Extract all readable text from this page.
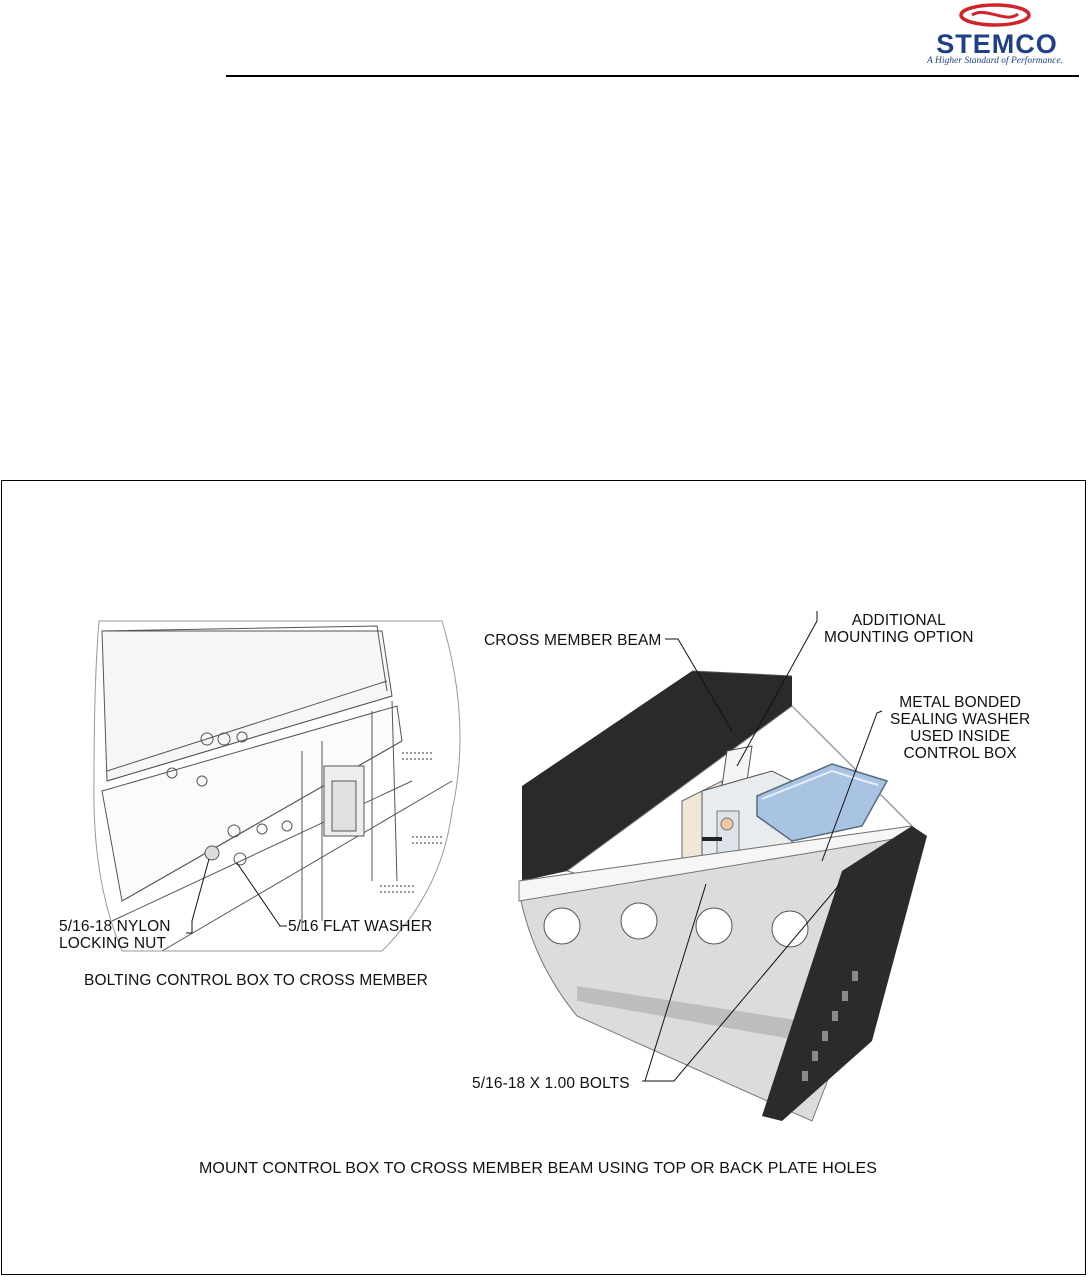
STEMCO
A Higher Standard of Performance.
5/16-18 NYLON
LOCKING NUT
5/16 FLAT WASHER
BOLTING CONTROL BOX TO CROSS MEMBER
CROSS MEMBER BEAM
ADDITIONAL
MOUNTING OPTION
METAL BONDED
SEALING WASHER
USED INSIDE
CONTROL BOX
5/16-18 X 1.00 BOLTS
MOUNT CONTROL BOX TO CROSS MEMBER BEAM USING TOP OR BACK PLATE HOLES
